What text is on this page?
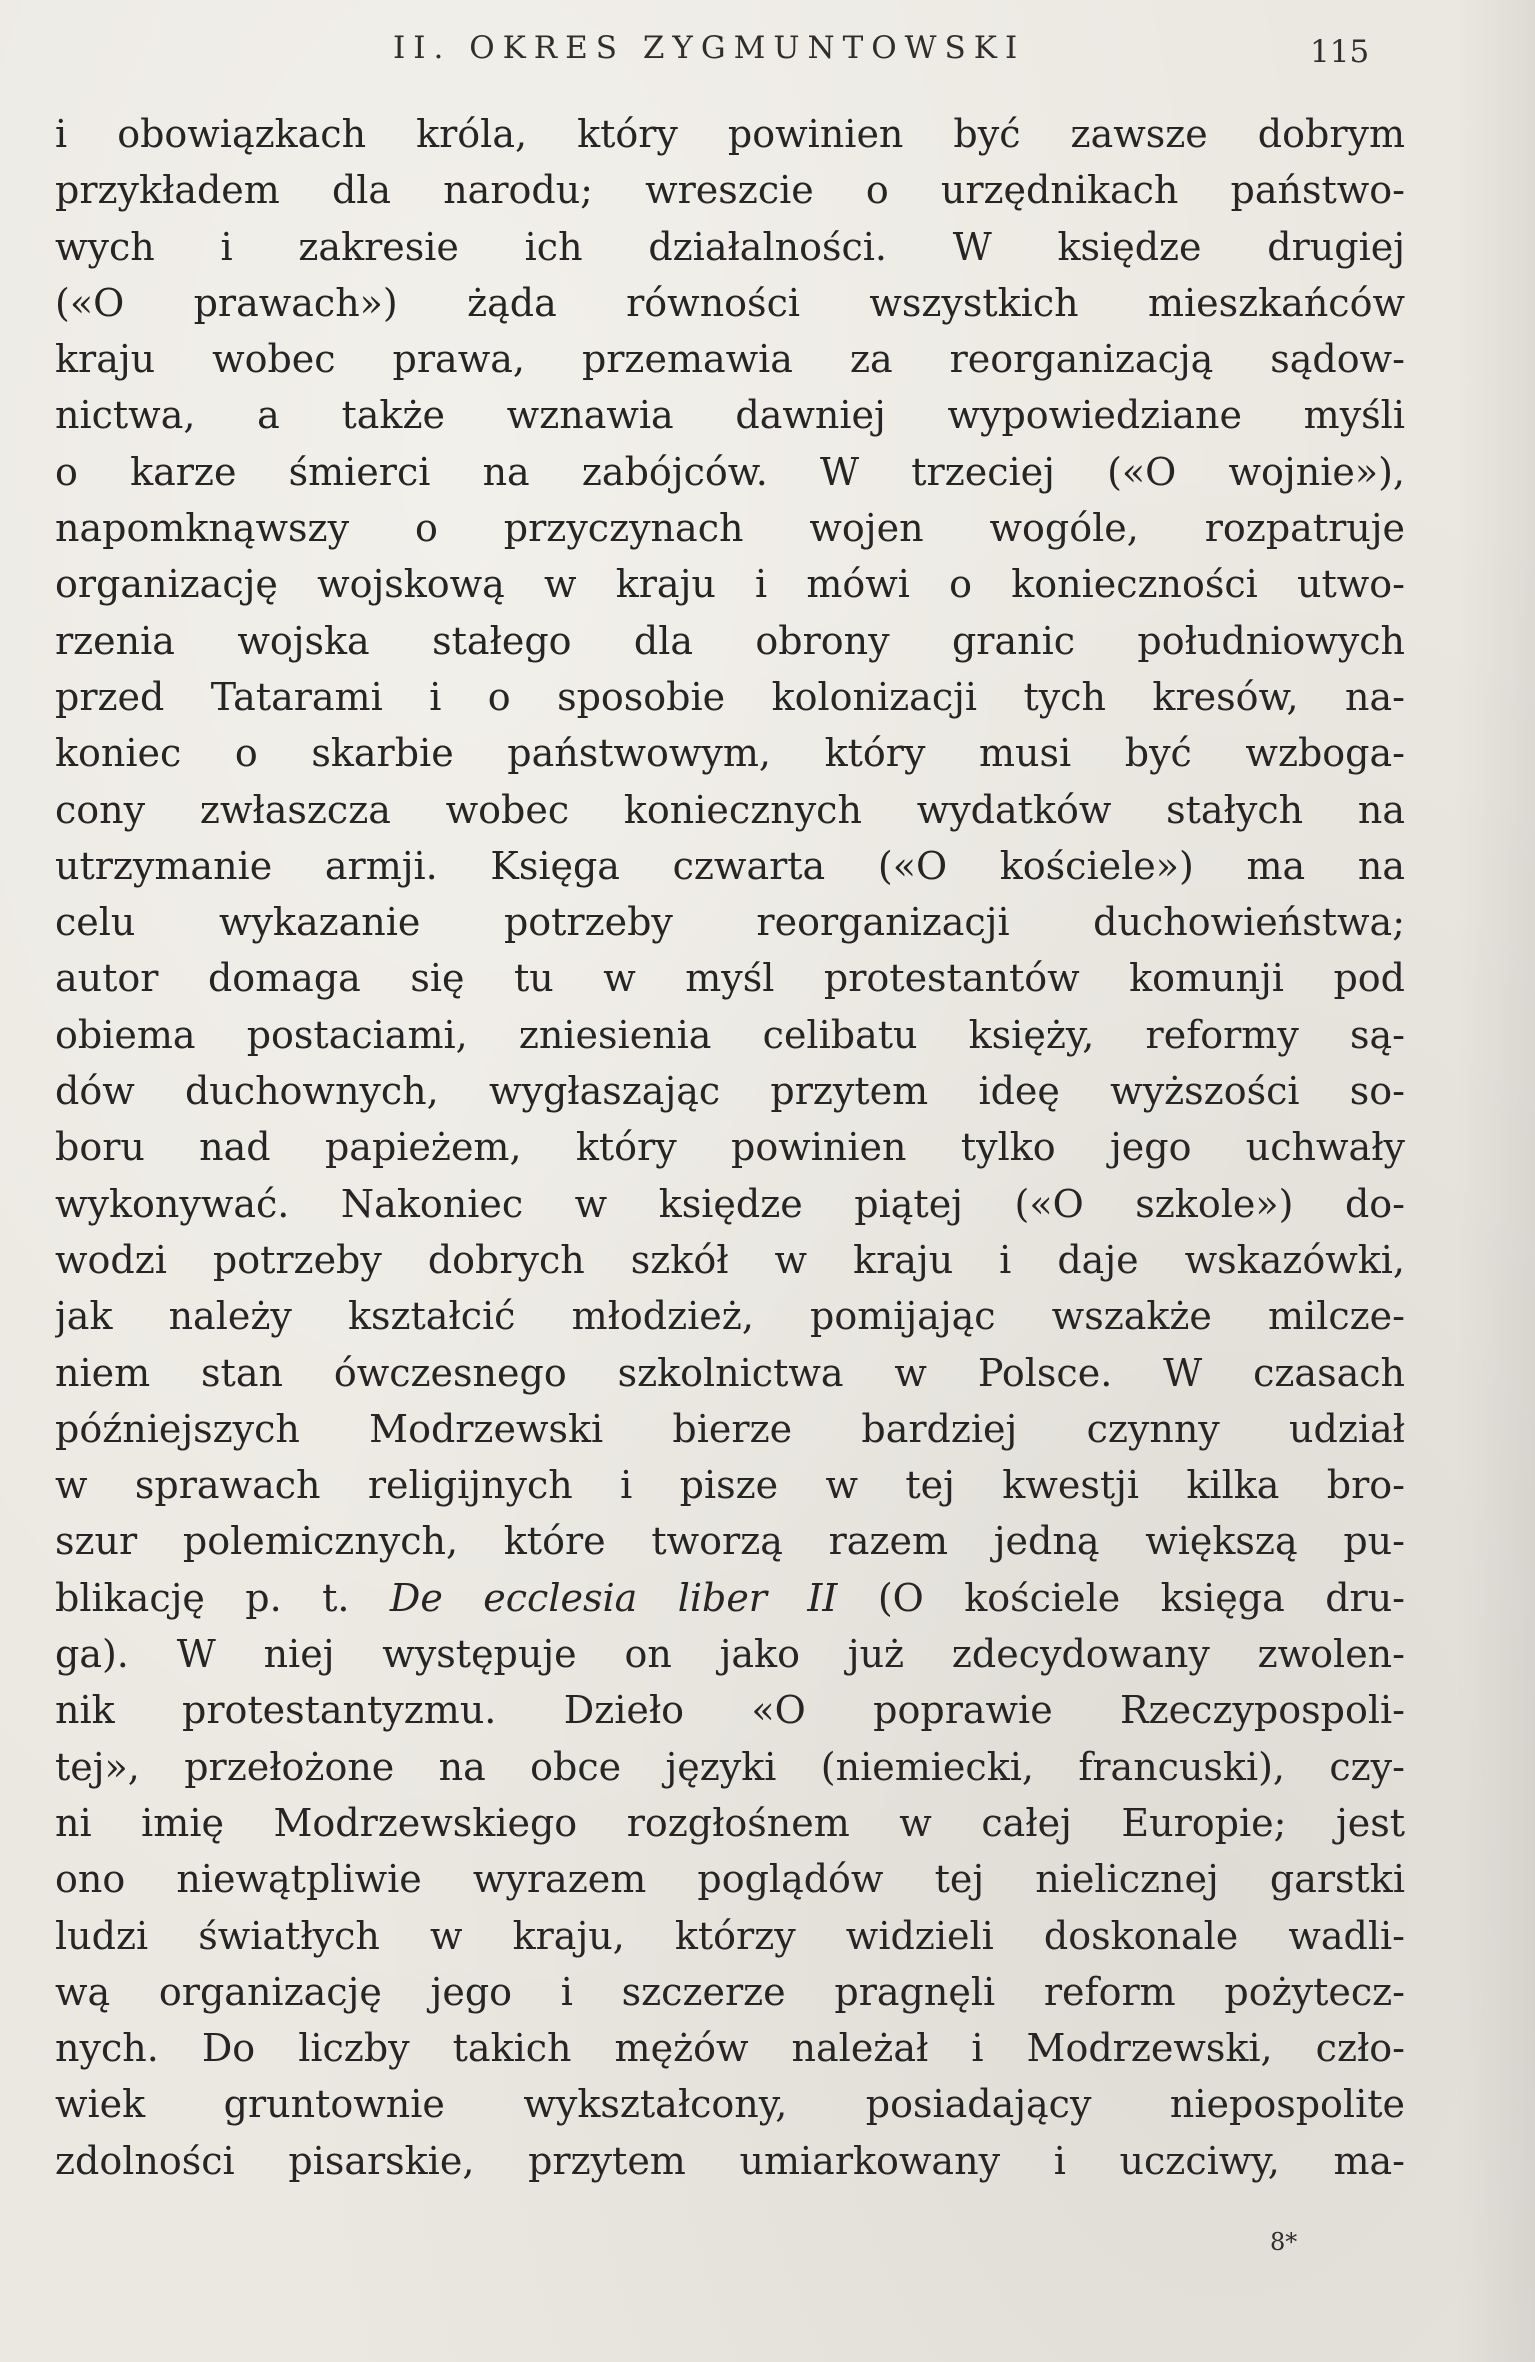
II. OKRES ZYGMUNTOWSKI	115
i obowiązkach króla, który powinien być zawsze dobrym
przykładem dla narodu; wreszcie o urzędnikach państwo-
wych i zakresie ich działalności. W księdze drugiej
(«O prawach») żąda równości wszystkich mieszkańców
kraju wobec prawa, przemawia za reorganizacją sądow-
nictwa, a także wznawia dawniej wypowiedziane myśli
o karze śmierci na zabójców. W trzeciej («O wojnie»),
napomknąwszy o przyczynach wojen wogóle, rozpatruje
organizację wojskową w kraju i mówi o konieczności utwo-
rzenia wojska stałego dla obrony granic południowych
przed Tatarami i o sposobie kolonizacji tych kresów, na-
koniec o skarbie państwowym, który musi być wzboga-
cony zwłaszcza wobec koniecznych wydatków stałych na
utrzymanie armji. Księga czwarta («O kościele») ma na
celu wykazanie potrzeby reorganizacji duchowieństwa;
autor domaga się tu w myśl protestantów komunji pod
obiema postaciami, zniesienia celibatu księży, reformy są-
dów duchownych, wygłaszając przytem ideę wyższości so-
boru nad papieżem, który powinien tylko jego uchwały
wykonywać. Nakoniec w księdze piątej («O szkole») do-
wodzi potrzeby dobrych szkół w kraju i daje wskazówki,
jak należy kształcić młodzież, pomijając wszakże milcze-
niem stan ówczesnego szkolnictwa w Polsce. W czasach
późniejszych Modrzewski bierze bardziej czynny udział
w sprawach religijnych i pisze w tej kwestji kilka bro-
szur polemicznych, które tworzą razem jedną większą pu-
blikację p. t. De ecclesia liber II (O kościele księga dru-
ga). W niej występuje on jako już zdecydowany zwolen-
nik protestantyzmu. Dzieło «O poprawie Rzeczypospoli-
tej», przełożone na obce języki (niemiecki, francuski), czy-
ni imię Modrzewskiego rozgłośnem w całej Europie; jest
ono niewątpliwie wyrazem poglądów tej nielicznej garstki
ludzi światłych w kraju, którzy widzieli doskonale wadli-
wą organizację jego i szczerze pragnęli reform pożytecz-
nych. Do liczby takich mężów należał i Modrzewski, czło-
wiek gruntownie wykształcony, posiadający niepospolite
zdolności pisarskie, przytem umiarkowany i uczciwy, ma-
8*
